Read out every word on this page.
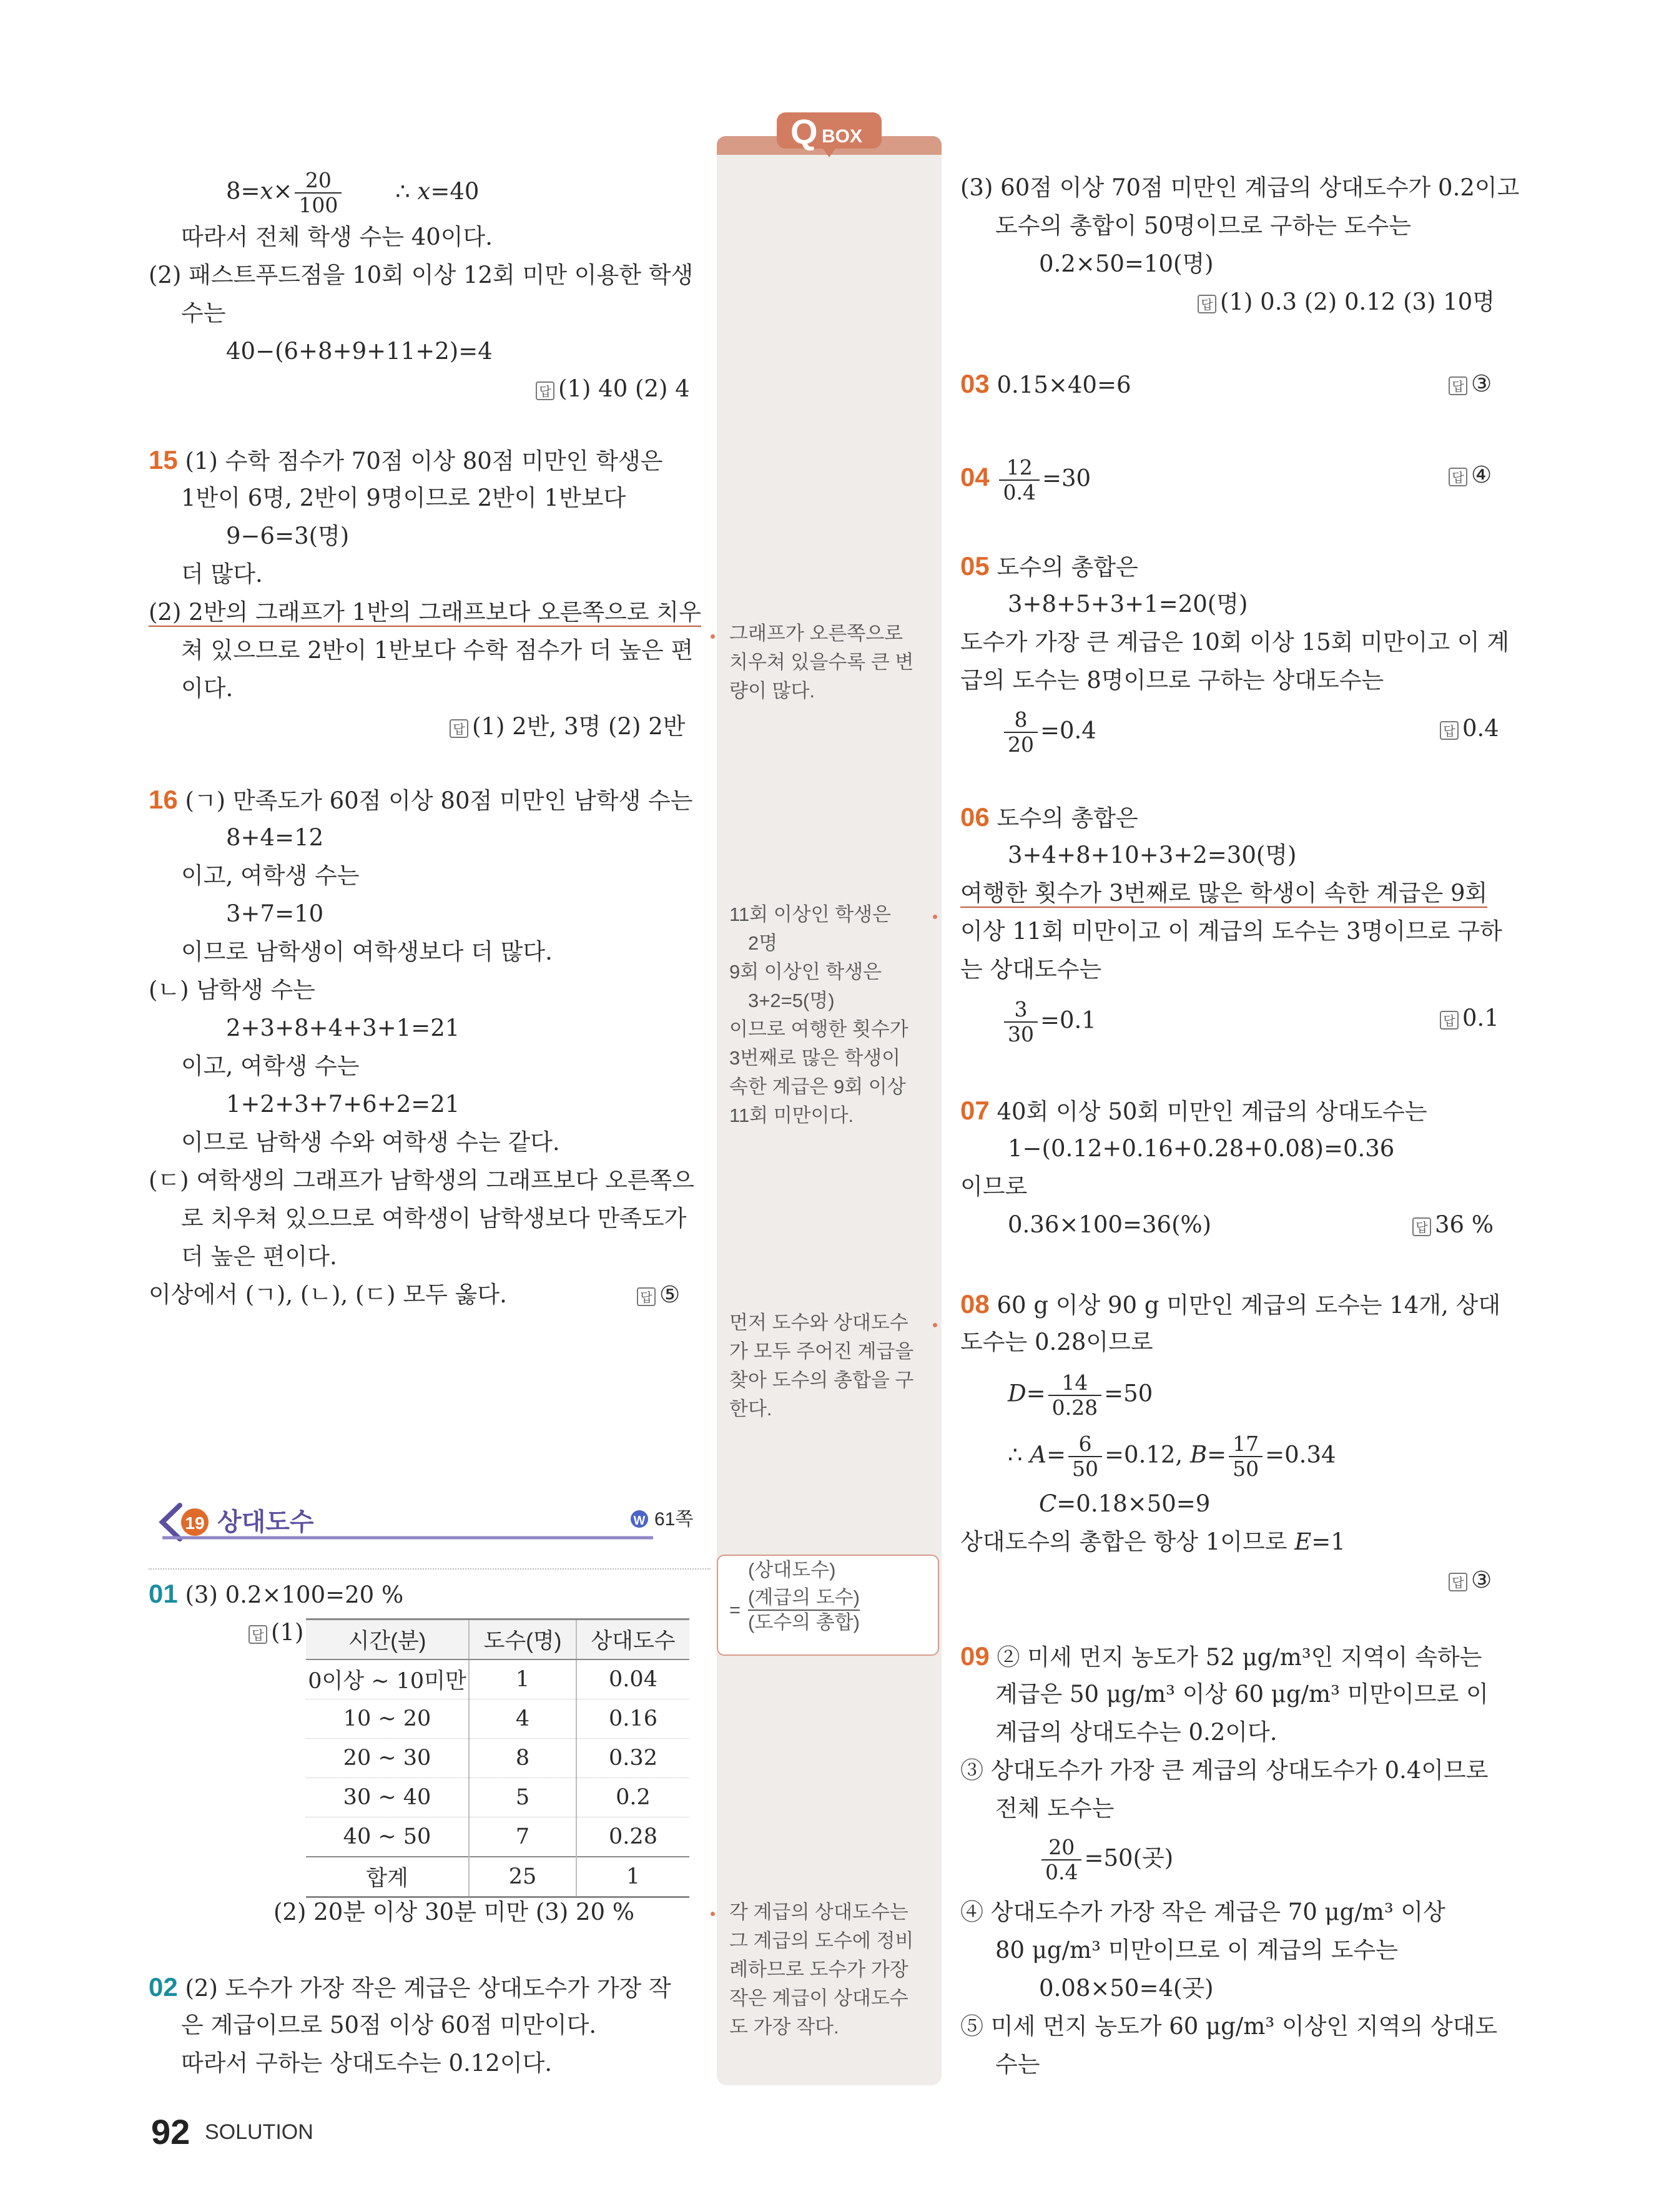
Q BOX
8=𝑥× $\frac{20}{100}$ ∴ 𝑥=40
따라서 전체 학생 수는 40이다.
(2) 패스트푸드점을 10회 이상 12회 미만 이용한 학생
수는
40−(6+8+9+11+2)=4
답 (1) 40 (2) 4
15 (1) 수학 점수가 70점 이상 80점 미만인 학생은
1반이 6명, 2반이 9명이므로 2반이 1반보다
9−6=3(명)
더 많다.
(2) 2반의 그래프가 1반의 그래프보다 오른쪽으로 치우
쳐 있으므로 2반이 1반보다 수학 점수가 더 높은 편
이다.
답 (1) 2반, 3명 (2) 2반
16 (ㄱ) 만족도가 60점 이상 80점 미만인 남학생 수는
8+4=12
이고, 여학생 수는
3+7=10
이므로 남학생이 여학생보다 더 많다.
(ㄴ) 남학생 수는
2+3+8+4+3+1=21
이고, 여학생 수는
1+2+3+7+6+2=21
이므로 남학생 수와 여학생 수는 같다.
(ㄷ) 여학생의 그래프가 남학생의 그래프보다 오른쪽으
로 치우쳐 있으므로 여학생이 남학생보다 만족도가
더 높은 편이다.
이상에서 (ㄱ), (ㄴ), (ㄷ) 모두 옳다.	답 ⑤
19 상대도수	W 61쪽
01 (3) 0.2×100=20 %
답 (1) 시간(분)	도수(명)	상대도수
0이상 ~ 10미만	1	0.04
10 ~ 20	4	0.16
20 ~ 30	8	0.32
30 ~ 40	5	0.2
40 ~ 50	7	0.28
합계	25	1
(2) 20분 이상 30분 미만 (3) 20 %
02 (2) 도수가 가장 작은 계급은 상대도수가 가장 작
은 계급이므로 50점 이상 60점 미만이다.
따라서 구하는 상대도수는 0.12이다.
그래프가 오른쪽으로
치우쳐 있을수록 큰 변
량이 많다.
11회 이상인 학생은
2명
9회 이상인 학생은
3+2=5(명)
이므로 여행한 횟수가
3번째로 많은 학생이
속한 계급은 9회 이상
11회 미만이다.
먼저 도수와 상대도수
가 모두 주어진 계급을
찾아 도수의 총합을 구
한다.
(상대도수)
=
(계급의 도수)
(도수의 총합)
각 계급의 상대도수는
그 계급의 도수에 정비
례하므로 도수가 가장
작은 계급이 상대도수
도 가장 작다.
(3) 60점 이상 70점 미만인 계급의 상대도수가 0.2이고
도수의 총합이 50명이므로 구하는 도수는
0.2×50=10(명)
답 (1) 0.3 (2) 0.12 (3) 10명
03 0.15×40=6	답 ③
$04 \frac{12}{0.4} =30$	답 ④
05 도수의 총합은
3+8+5+3+1=20(명)
도수가 가장 큰 계급은 10회 이상 15회 미만이고 이 계
급의 도수는 8명이므로 구하는 상대도수는
$\frac{8}{20} =0.4$	답 0.4
06 도수의 총합은
3+4+8+10+3+2=30(명)
여행한 횟수가 3번째로 많은 학생이 속한 계급은 9회
이상 11회 미만이고 이 계급의 도수는 3명이므로 구하
는 상대도수는
$\frac{3}{30} =0.1$	답 0.1
07 40회 이상 50회 미만인 계급의 상대도수는
1−(0.12+0.16+0.28+0.08)=0.36
이므로
0.36×100=36(%)	답 36 %
08 60 g 이상 90 g 미만인 계급의 도수는 14개, 상대
도수는 0.28이므로
𝐷= $\frac{14}{0.28} =50$
∴ 𝐴= $\frac{6}{50} =0.12$, 𝐵= $\frac{17}{50} =0.34$
𝐶=0.18×50=9
상대도수의 총합은 항상 1이므로 𝐸=1
답 ③
09 ② 미세 먼지 농도가 52 μg/m³인 지역이 속하는
계급은 50 μg/m³ 이상 60 μg/m³ 미만이므로 이
계급의 상대도수는 0.2이다.
③ 상대도수가 가장 큰 계급의 상대도수가 0.4이므로
전체 도수는
$\frac{20}{0.4} =50$(곳)
④ 상대도수가 가장 작은 계급은 70 μg/m³ 이상
80 μg/m³ 미만이므로 이 계급의 도수는
0.08×50=4(곳)
⑤ 미세 먼지 농도가 60 μg/m³ 이상인 지역의 상대도
수는
92 SOLUTION
